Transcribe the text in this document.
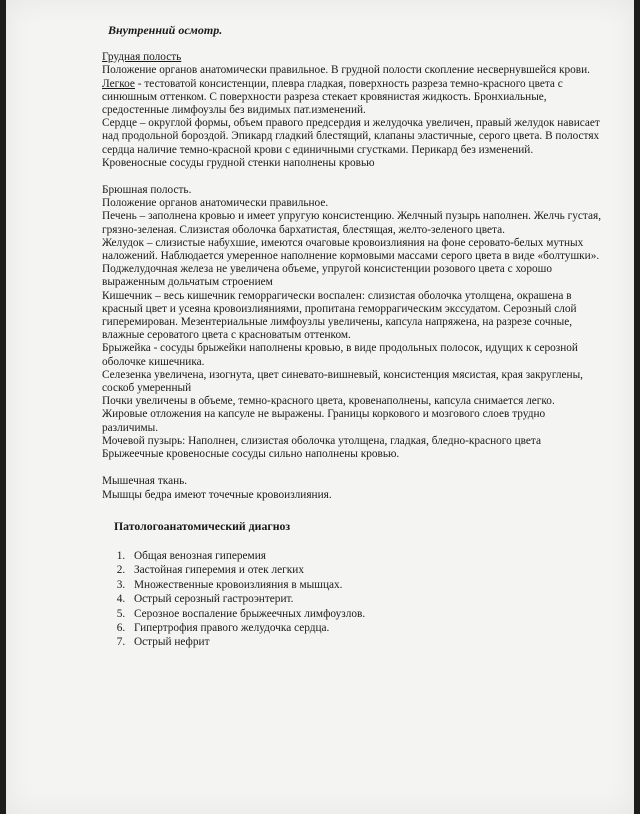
Внутренний осмотр.

Грудная полость

Положение органов анатомически правильное. В грудной полости скопление несвернувшейся крови.

Легкое - тестоватой консистенции, плевра гладкая, поверхность разреза темно-красного цвета с синюшным оттенком. С поверхности разреза стекает кровянистая жидкость. Бронхиальные, средостенные лимфоузлы без видимых пат.изменений.

Сердце – округлой формы, объем правого предсердия и желудочка увеличен, правый желудок нависает над продольной бороздой. Эпикард гладкий блестящий, клапаны эластичные, серого цвета. В полостях сердца наличие темно-красной крови с единичными сгустками. Перикард без изменений.

Кровеносные сосуды грудной стенки наполнены кровью

Брюшная полость.

Положение органов анатомически правильное.

Печень – заполнена кровью и имеет упругую консистенцию. Желчный пузырь наполнен. Желчь густая, грязно-зеленая. Слизистая оболочка бархатистая, блестящая, желто-зеленого цвета.

Желудок – слизистые набухшие, имеются очаговые кровоизлияния на фоне серовато-белых мутных наложений. Наблюдается умеренное наполнение кормовыми массами серого цвета в виде «болтушки».

Поджелудочная железа не увеличена объеме, упругой консистенции розового цвета с хорошо выраженным дольчатым строением

Кишечник – весь кишечник геморрагически воспален: слизистая оболочка утолщена, окрашена в красный цвет и усеяна кровоизлияниями, пропитана геморрагическим экссудатом. Серозный слой гиперемирован. Мезентериальные лимфоузлы увеличены, капсула напряжена, на разрезе сочные, влажные сероватого цвета с красноватым оттенком.

Брыжейка - сосуды брыжейки наполнены кровью, в виде продольных полосок, идущих к серозной оболочке кишечника.

Селезенка увеличена, изогнута, цвет синевато-вишневый, консистенция мясистая, края закруглены, соскоб умеренный

Почки увеличены в объеме, темно-красного цвета, кровенаполнены, капсула снимается легко. Жировые отложения на капсуле не выражены. Границы коркового и мозгового слоев трудно различимы.

Мочевой пузырь: Наполнен, слизистая оболочка утолщена, гладкая, бледно-красного цвета

Брыжеечные кровеносные сосуды сильно наполнены кровью.

Мышечная ткань.

Мышцы бедра имеют точечные кровоизлияния.

Патологоанатомический диагноз
1. Общая венозная гиперемия
2. Застойная гиперемия и отек легких
3. Множественные кровоизлияния в мышцах.
4. Острый серозный гастроэнтерит.
5. Серозное воспаление брыжеечных лимфоузлов.
6. Гипертрофия правого желудочка сердца.
7. Острый нефрит
